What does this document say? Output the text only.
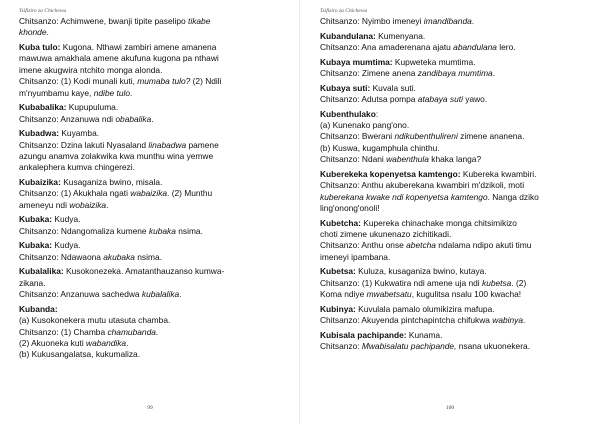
Tsifiziro za Chichewa
Chitsanzo: Achimwene, bwanji tipite paselipo tikabe
khonde.
Kuba tulo: Kugona. Nthawi zambiri amene amanena
mawuwa amakhala amene akufuna kugona pa nthawi
imene akugwira ntchito monga alonda.
Chitsanzo: (1) Kodi munali kuti, mumaba tulo? (2) Ndili
m'nyumbamu kaye, ndibe tulo.
Kubabalika: Kupupuluma.
Chitsanzo: Anzanuwa ndi obabalika.
Kubadwa: Kuyamba.
Chitsanzo: Dzina lakuti Nyasaland linabadwa pamene
azungu anamva zolakwika kwa munthu wina yemwe
ankalephera kumva chingerezi.
Kubaizika: Kusaganiza bwino, misala.
Chitsanzo: (1) Akukhala ngati wabaizika. (2) Munthu
ameneyu ndi wobaizika.
Kubaka: Kudya.
Chitsanzo: Ndangomaliza kumene kubaka nsima.
Kubaka: Kudya.
Chitsanzo: Ndawaona akubaka nsima.
Kubalalika: Kusokonezeka. Amatanthauzanso kumwa-
zikana.
Chitsanzo: Anzanuwa sachedwa kubalalika.
Kubanda:
(a) Kusokonekera mutu utasuta chamba.
Chitsanzo: (1) Chamba chamubanda.
(2) Akuoneka kuti wabandika.
(b) Kukusangalatsa, kukumaliza.
99
Tsifiziro za Chichewa
Chitsanzo: Nyimbo imeneyi imandibanda.
Kubandulana: Kumenyana.
Chitsanzo: Ana amaderenana ajatu abandulana lero.
Kubaya mumtima: Kupweteka mumtima.
Chitsanzo: Zimene anena zandibaya mumtima.
Kubaya suti: Kuvala suti.
Chitsanzo: Adutsa pompa atabaya suti yawo.
Kubenthulako:
(a) Kunenako pang'ono.
Chitsanzo: Bwerani ndikubenthulireni zimene ananena.
(b) Kuswa, kugamphula chinthu.
Chitsanzo: Ndani wabenthula khaka langa?
Kuberekeka kopenyetsa kamtengo: Kubereka kwambiri.
Chitsanzo: Anthu akuberekana kwambiri m'dzikoli, moti
kuberekana kwake ndi kopenyetsa kamtengo. Nanga dziko
ling'onong'onoli!
Kubetcha: Kupereka chinachake monga chitsimikizo
choti zimene ukunenazo zichitikadi.
Chitsanzo: Anthu onse abetcha ndalama ndipo akuti timu
imeneyi ipambana.
Kubetsa: Kuluza, kusaganiza bwino, kutaya.
Chitsanzo: (1) Kukwatira ndi amene uja ndi kubetsa. (2)
Koma ndiye mwabetsatu, kugulitsa nsalu 100 kwacha!
Kubinya: Kuvulala pamalo olumikizira mafupa.
Chitsanzo: Akuyenda pintchapintcha chifukwa wabinya.
Kubisala pachipande: Kunama.
Chitsanzo: Mwabisalatu pachipande, nsana ukuonekera.
100
